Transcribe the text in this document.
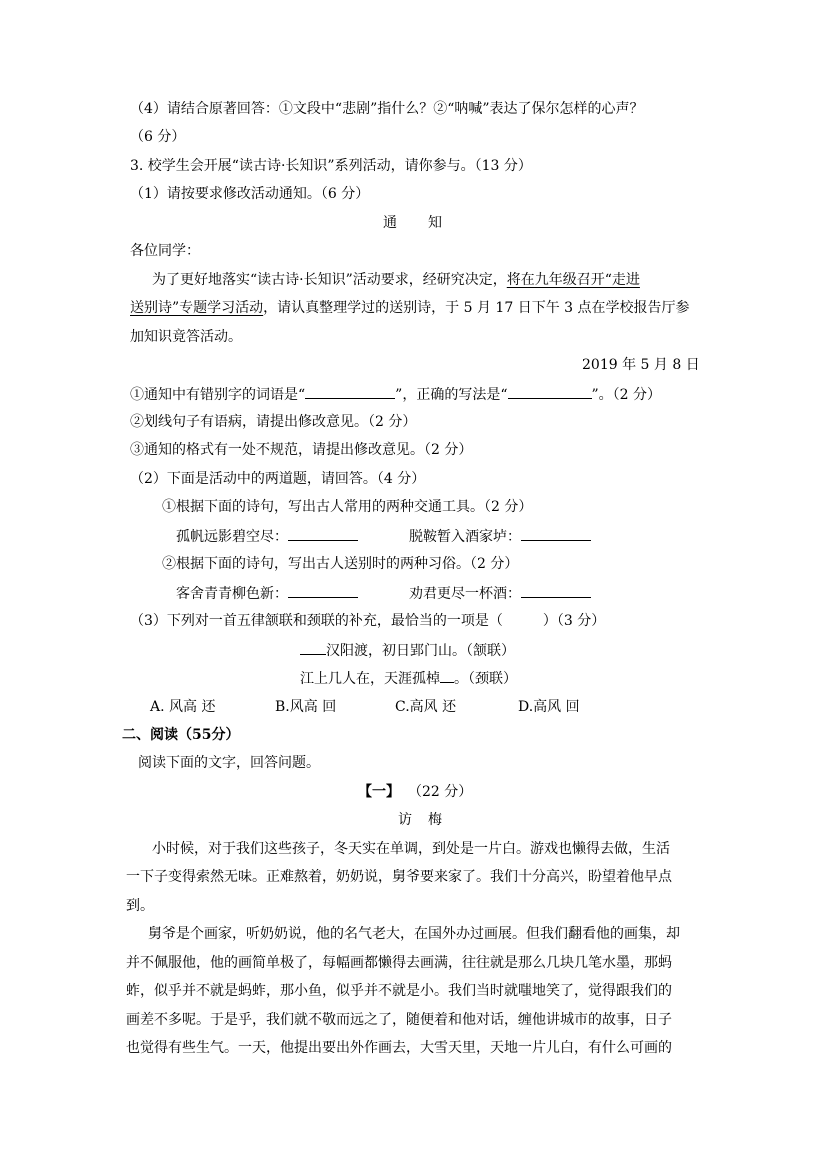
（4）请结合原著回答：①文段中“悲剧”指什么？②“呐喊”表达了保尔怎样的心声？
（6 分）
3. 校学生会开展“读古诗·长知识”系列活动，请你参与。（13 分）
（1）请按要求修改活动通知。（6 分）
通 知
各位同学：
为了更好地落实“读古诗·长知识”活动要求，经研究决定，将在九年级召开“走进
送别诗”专题学习活动，请认真整理学过的送别诗，于 5 月 17 日下午 3 点在学校报告厅参
加知识竟答活动。
2019 年 5 月 8 日
①通知中有错别字的词语是“	”，正确的写法是“	”。（2 分）
②划线句子有语病，请提出修改意见。（2 分）
③通知的格式有一处不规范，请提出修改意见。（2 分）
（2）下面是活动中的两道题，请回答。（4 分）
①根据下面的诗句，写出古人常用的两种交通工具。（2 分）
孤帆远影碧空尽：	脱鞍暂入酒家垆：
②根据下面的诗句，写出古人送别时的两种习俗。（2 分）
客舍青青柳色新：	劝君更尽一杯酒：
（3）下列对一首五律颔联和颈联的补充，最恰当的一项是（	）（3 分）
汉阳渡，初日郢门山。（颔联）
江上几人在，天涯孤棹 。（颈联）
A. 风高 还	B.风高 回	C.高风 还	D.高风 回
二、阅读（55分）
阅读下面的文字，回答问题。
【一】 （22 分）
访 梅
小时候，对于我们这些孩子，冬天实在单调，到处是一片白。游戏也懒得去做，生活
一下子变得索然无味。正难熬着，奶奶说，舅爷要来家了。我们十分高兴，盼望着他早点
到。
舅爷是个画家，听奶奶说，他的名气老大，在国外办过画展。但我们翻看他的画集，却
并不佩服他，他的画简单极了，每幅画都懒得去画满，往往就是那么几块几笔水墨，那蚂
蚱，似乎并不就是蚂蚱，那小鱼，似乎并不就是小。我们当时就嗤地笑了，觉得跟我们的
画差不多呢。于是乎，我们就不敬而远之了，随便着和他对话，缠他讲城市的故事，日子
也觉得有些生气。一天，他提出要出外作画去，大雪天里，天地一片儿白，有什么可画的
